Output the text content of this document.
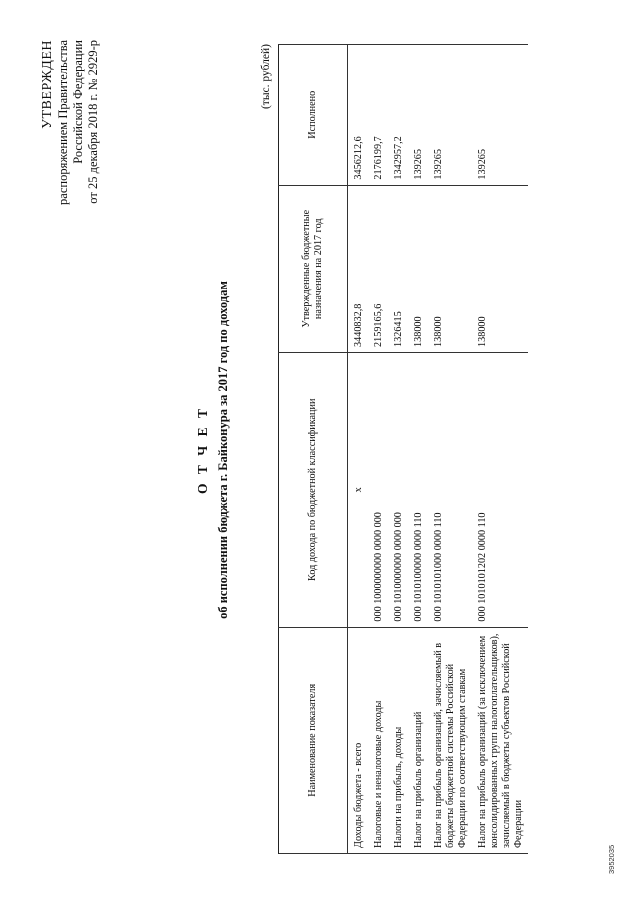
УТВЕРЖДЕН распоряжением Правительства Российской Федерации от 25 декабря 2018 г. № 2929-р
О Т Ч Е Т об исполнении бюджета г. Байконура за 2017 год по доходам
(тыс. рублей)
Наименование показателя	Код дохода по бюджетной классификации	Утвержденные бюджетные назначения на 2017 год	Исполнено
Доходы бюджета - всего	x	3440832,8	3456212,6
Налоговые и неналоговые доходы	000 1000000000 0000 000	2159165,6	2176199,7
Налоги на прибыль, доходы	000 1010000000 0000 000	1326415	1342957,2
Налог на прибыль организаций	000 1010100000 0000 110	138000	139265
Налог на прибыль организаций, зачисляемый в бюджеты бюджетной системы Российской Федерации по соответствующим ставкам	000 1010101000 0000 110	138000	139265
Налог на прибыль организаций (за исключением консолидированных групп налогоплательщиков), зачисляемый в бюджеты субъектов Российской Федерации	000 1010101202 0000 110	138000	139265
3952035
